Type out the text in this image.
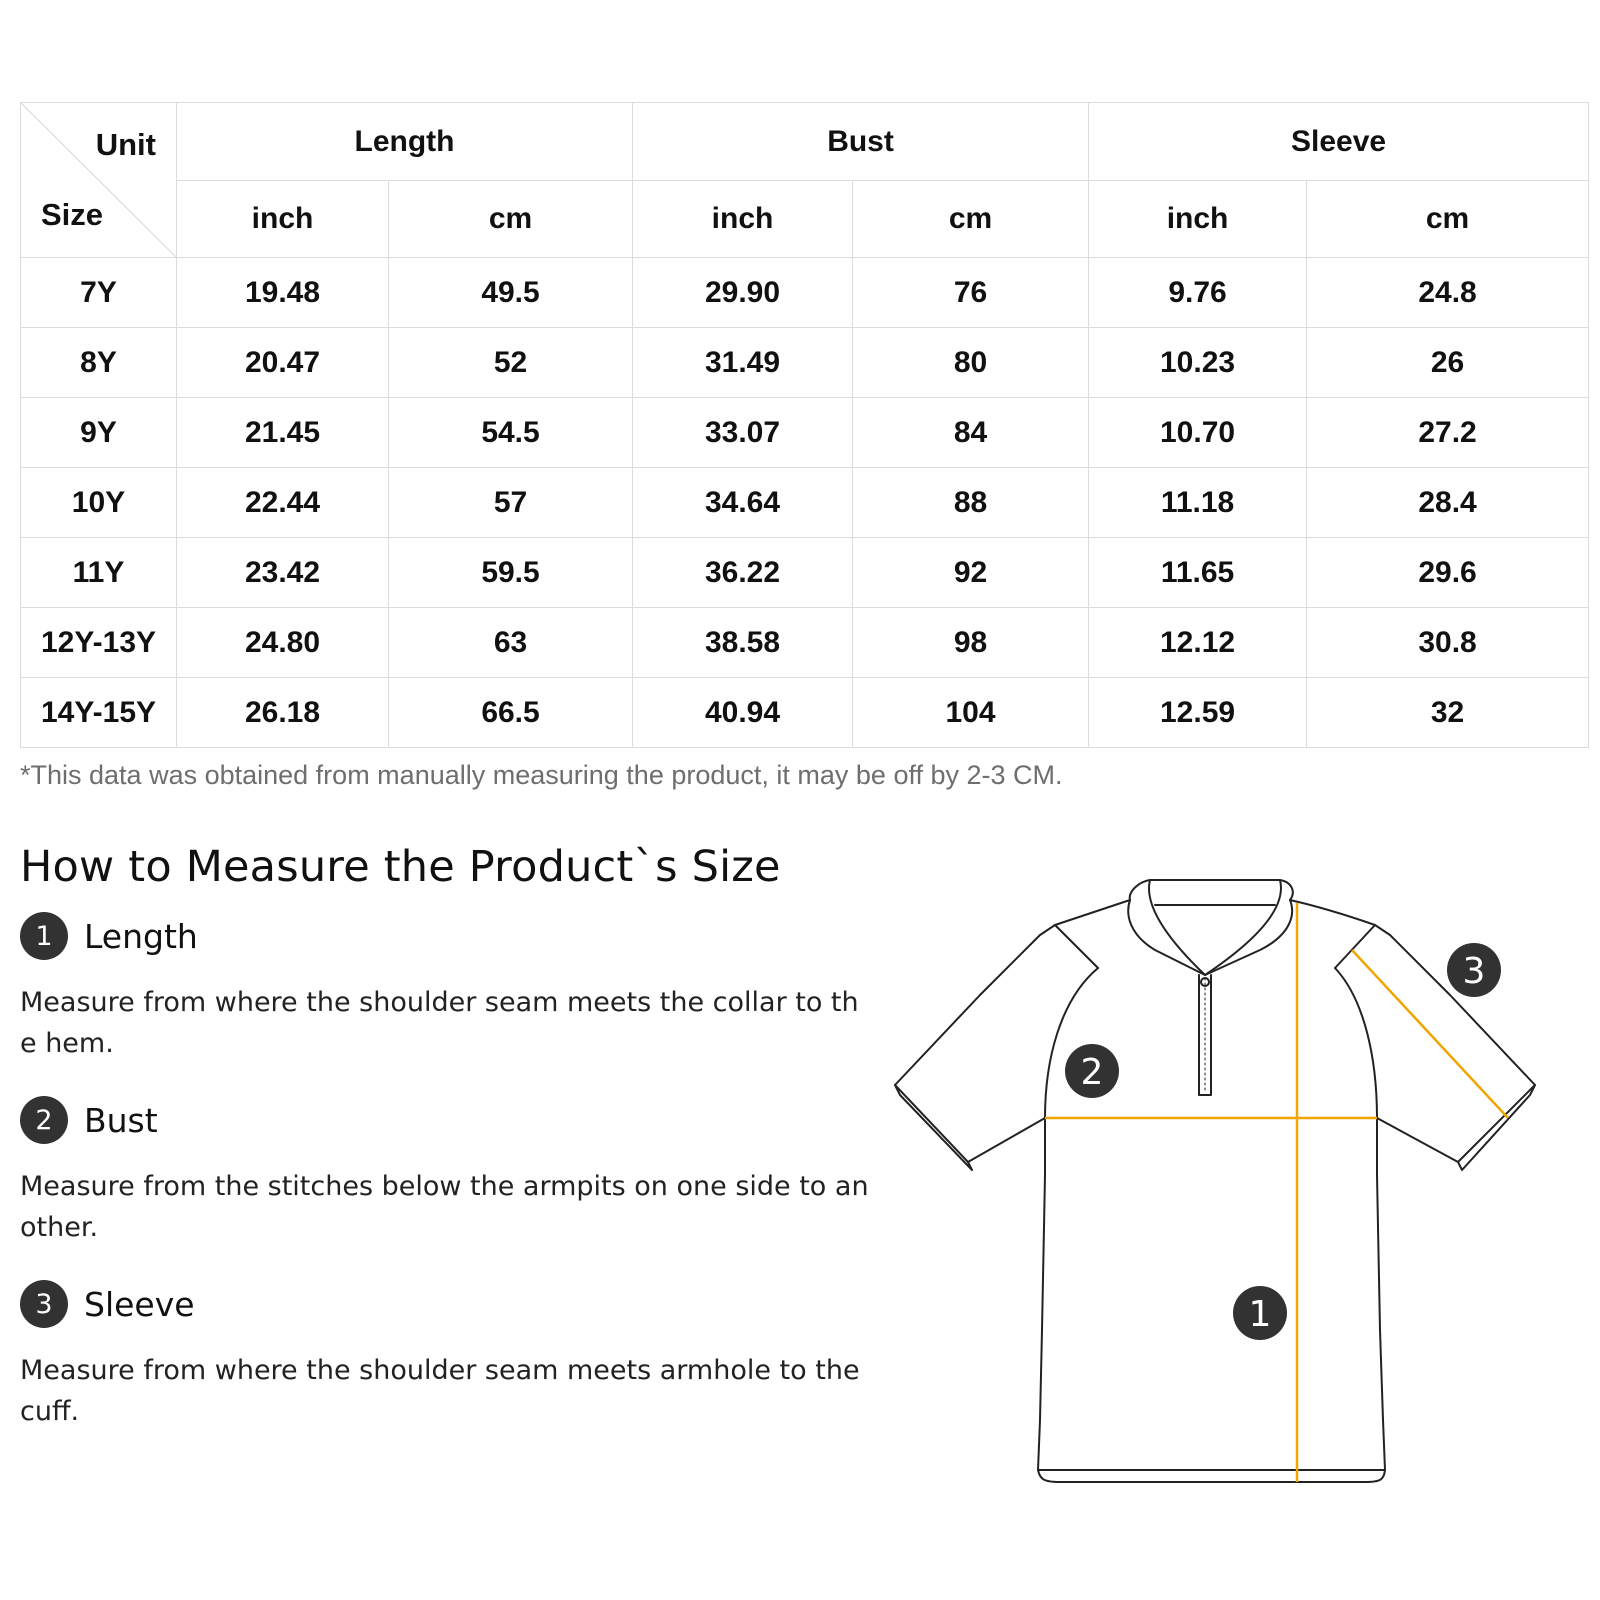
Unit
Size	Length		Bust		Sleeve	
	inch	cm	inch	cm	inch	cm
7Y	19.48	49.5	29.90	76	9.76	24.8
8Y	20.47	52	31.49	80	10.23	26
9Y	21.45	54.5	33.07	84	10.70	27.2
10Y	22.44	57	34.64	88	11.18	28.4
11Y	23.42	59.5	36.22	92	11.65	29.6
12Y-13Y	24.80	63	38.58	98	12.12	30.8
14Y-15Y	26.18	66.5	40.94	104	12.59	32
*This data was obtained from manually measuring the product, it may be off by 2-3 CM.
How to Measure the Product`s Size
1 Length

Measure from where the shoulder seam meets the collar to the hem.

2 Bust

Measure from the stitches below the armpits on one side to another.

3 Sleeve

Measure from where the shoulder seam meets armhole to the cuff.

2
3
1
